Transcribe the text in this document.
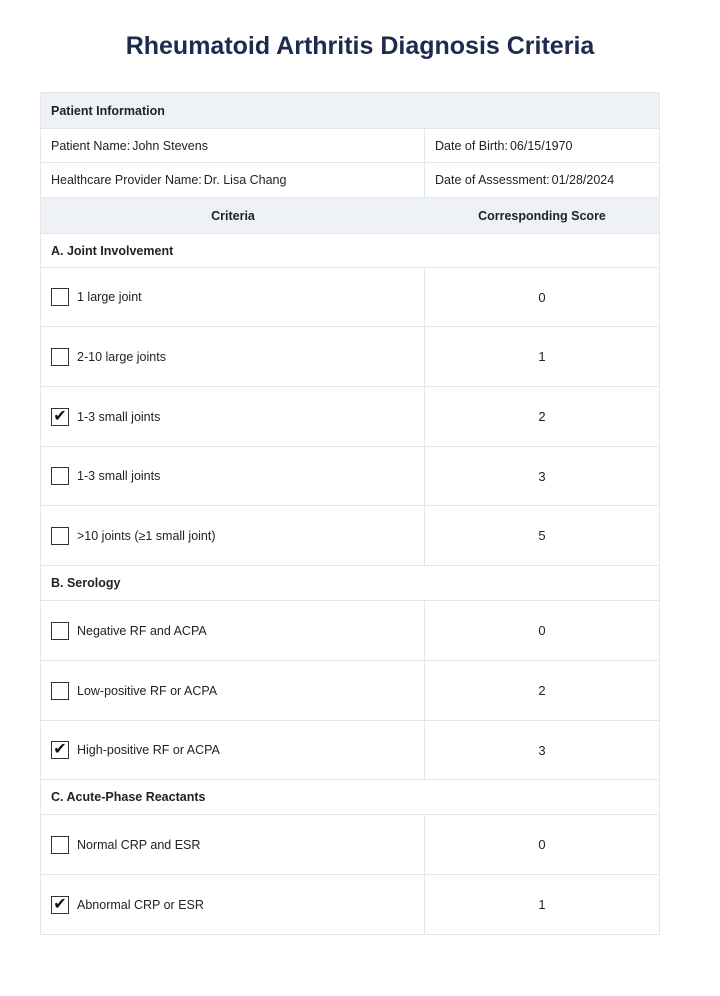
Rheumatoid Arthritis Diagnosis Criteria
Patient Information
Patient Name: John Stevens	Date of Birth: 06/15/1970
Healthcare Provider Name: Dr. Lisa Chang	Date of Assessment: 01/28/2024
Criteria	Corresponding Score
A. Joint Involvement
1 large joint	0
2-10 large joints	1
✔ 1-3 small joints	2
1-3 small joints	3
>10 joints (≥1 small joint)	5
B. Serology
Negative RF and ACPA	0
Low-positive RF or ACPA	2
✔ High-positive RF or ACPA	3
C. Acute-Phase Reactants
Normal CRP and ESR	0
✔ Abnormal CRP or ESR	1
